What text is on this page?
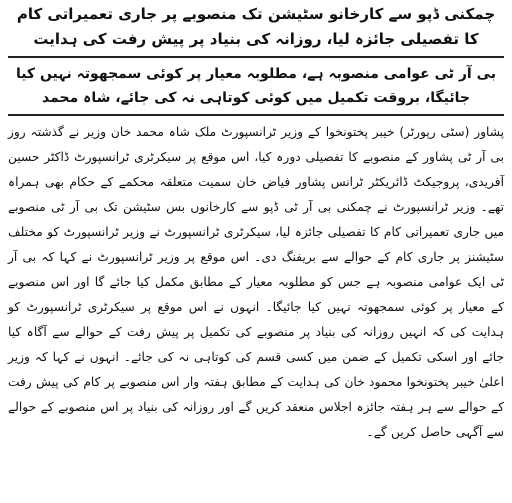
چمکنی ڈپو سے کارخانو سٹیشن تک منصوبے پر جاری تعمیراتی کام کا تفصیلی جائزہ لیا، روزانہ کی بنیاد پر پیش رفت کی ہدایت
بی آر ٹی عوامی منصوبہ ہے، مطلوبہ معیار پر کوئی سمجھوتہ نہیں کیا جائیگا، بروقت تکمیل میں کوئی کوتاہی نہ کی جائے، شاہ محمد
پشاور (سٹی رپورٹر) خیبر پختونخوا کے وزیر ٹرانسپورٹ ملک شاہ محمد خان وزیر نے گذشتہ روز بی آر ٹی پشاور کے منصوبے کا تفصیلی دورہ کیا، اس موقع پر سیکرٹری ٹرانسپورٹ ڈاکٹر حسین آفریدی، پروجیکٹ ڈائریکٹر ٹرانس پشاور فیاض خان سمیت متعلقہ محکمے کے حکام بھی ہمراہ تھے۔ وزیر ٹرانسپورٹ نے چمکنی بی آر ٹی ڈپو سے کارخانوں بس سٹیشن تک بی آر ٹی منصوبے میں جاری تعمیراتی کام کا تفصیلی جائزہ لیا، سیکرٹری ٹرانسپورٹ نے وزیر ٹرانسپورٹ کو مختلف سٹیشنز پر جاری کام کے حوالے سے بریفنگ دی۔ اس موقع پر وزیر ٹرانسپورٹ نے کہا کہ بی آر ٹی ایک عوامی منصوبہ ہے جس کو مطلوبہ معیار کے مطابق مکمل کیا جائے گا اور اس منصوبے کے معیار پر کوئی سمجھوتہ نہیں کیا جائیگا۔ انہوں نے اس موقع پر سیکرٹری ٹرانسپورٹ کو ہدایت کی کہ انہیں روزانہ کی بنیاد پر منصوبے کی تکمیل پر پیش رفت کے حوالے سے آگاہ کیا جائے اور اسکی تکمیل کے ضمن میں کسی قسم کی کوتاہی نہ کی جائے۔ انہوں نے کہا کہ وزیر اعلیٰ خیبر پختونخوا محمود خان کی ہدایت کے مطابق ہفتہ وار اس منصوبے پر کام کی پیش رفت کے حوالے سے ہر ہفتہ جائزہ اجلاس منعقد کریں گے اور روزانہ کی بنیاد پر اس منصوبے کے حوالے سے آگہی حاصل کریں گے۔
